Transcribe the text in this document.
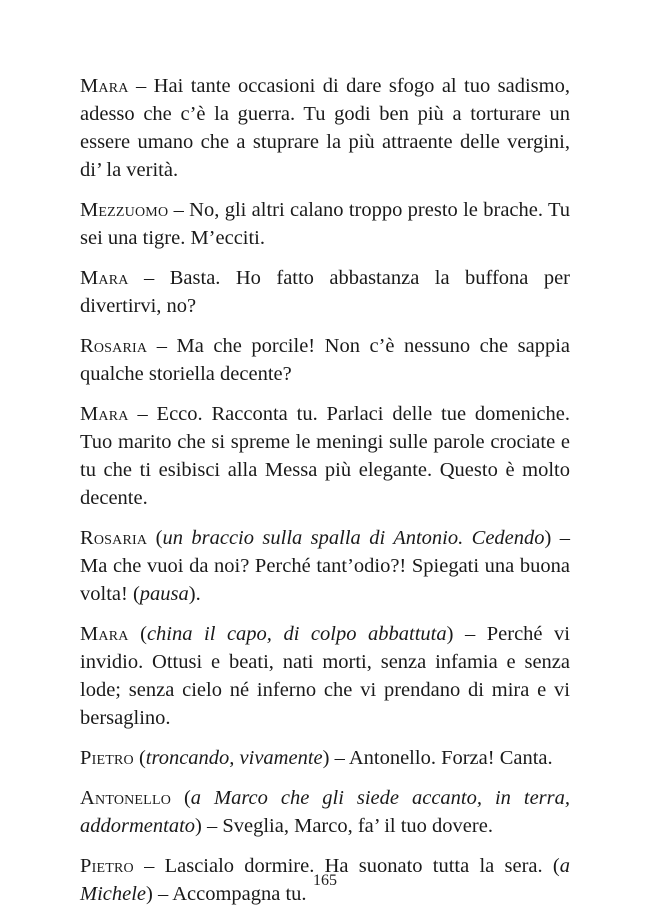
Mara – Hai tante occasioni di dare sfogo al tuo sadismo, adesso che c’è la guerra. Tu godi ben più a torturare un essere umano che a stuprare la più attraente delle vergini, di’ la verità.

Mezzuomo – No, gli altri calano troppo presto le brache. Tu sei una tigre. M’ecciti.

Mara – Basta. Ho fatto abbastanza la buffona per divertirvi, no?

Rosaria – Ma che porcile! Non c’è nessuno che sappia qualche storiella decente?

Mara – Ecco. Racconta tu. Parlaci delle tue domeniche. Tuo marito che si spreme le meningi sulle parole crociate e tu che ti esibisci alla Messa più elegante. Questo è molto decente.

Rosaria (un braccio sulla spalla di Antonio. Cedendo) – Ma che vuoi da noi? Perché tant’odio?! Spiegati una buona volta! (pausa).

Mara (china il capo, di colpo abbattuta) – Perché vi invidio. Ottusi e beati, nati morti, senza infamia e senza lode; senza cielo né inferno che vi prendano di mira e vi bersaglino.

Pietro (troncando, vivamente) – Antonello. Forza! Canta.

Antonello (a Marco che gli siede accanto, in terra, addormentato) – Sveglia, Marco, fa’ il tuo dovere.

Pietro – Lascialo dormire. Ha suonato tutta la sera. (a Michele) – Accompagna tu.

165
